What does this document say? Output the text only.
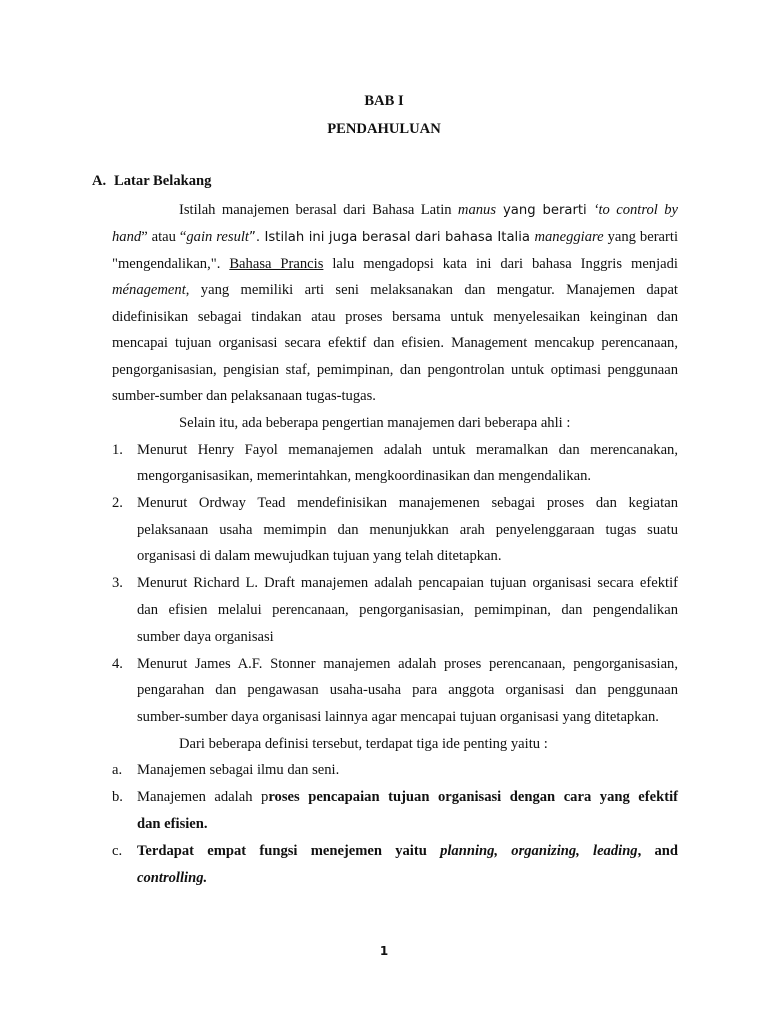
BAB I
PENDAHULUAN
A. Latar Belakang
Istilah manajemen berasal dari Bahasa Latin manus yang berarti ‘to control by
hand” atau “gain result”. Istilah ini juga berasal dari bahasa Italia maneggiare yang berarti
"mengendalikan,". Bahasa Prancis lalu mengadopsi kata ini dari bahasa Inggris menjadi
ménagement, yang memiliki arti seni melaksanakan dan mengatur. Manajemen dapat
didefinisikan sebagai tindakan atau proses bersama untuk menyelesaikan keinginan dan
mencapai tujuan organisasi secara efektif dan efisien. Management mencakup perencanaan,
pengorganisasian, pengisian staf, pemimpinan, dan pengontrolan untuk optimasi penggunaan
sumber-sumber dan pelaksanaan tugas-tugas.
Selain itu, ada beberapa pengertian manajemen dari beberapa ahli :
1. Menurut Henry Fayol memanajemen adalah untuk meramalkan dan merencanakan,
mengorganisasikan, memerintahkan, mengkoordinasikan dan mengendalikan.
2. Menurut Ordway Tead mendefinisikan manajemenen sebagai proses dan kegiatan
pelaksanaan usaha memimpin dan menunjukkan arah penyelenggaraan tugas suatu
organisasi di dalam mewujudkan tujuan yang telah ditetapkan.
3. Menurut Richard L. Draft manajemen adalah pencapaian tujuan organisasi secara efektif
dan efisien melalui perencanaan, pengorganisasian, pemimpinan, dan pengendalikan
sumber daya organisasi
4. Menurut James A.F. Stonner manajemen adalah proses perencanaan, pengorganisasian,
pengarahan dan pengawasan usaha-usaha para anggota organisasi dan penggunaan
sumber-sumber daya organisasi lainnya agar mencapai tujuan organisasi yang ditetapkan.
Dari beberapa definisi tersebut, terdapat tiga ide penting yaitu :
a.	Manajemen sebagai ilmu dan seni.
b. Manajemen adalah proses pencapaian tujuan organisasi dengan cara yang efektif
dan efisien.
c.	Terdapat empat fungsi menejemen yaitu planning, organizing, leading, and
controlling.
1
